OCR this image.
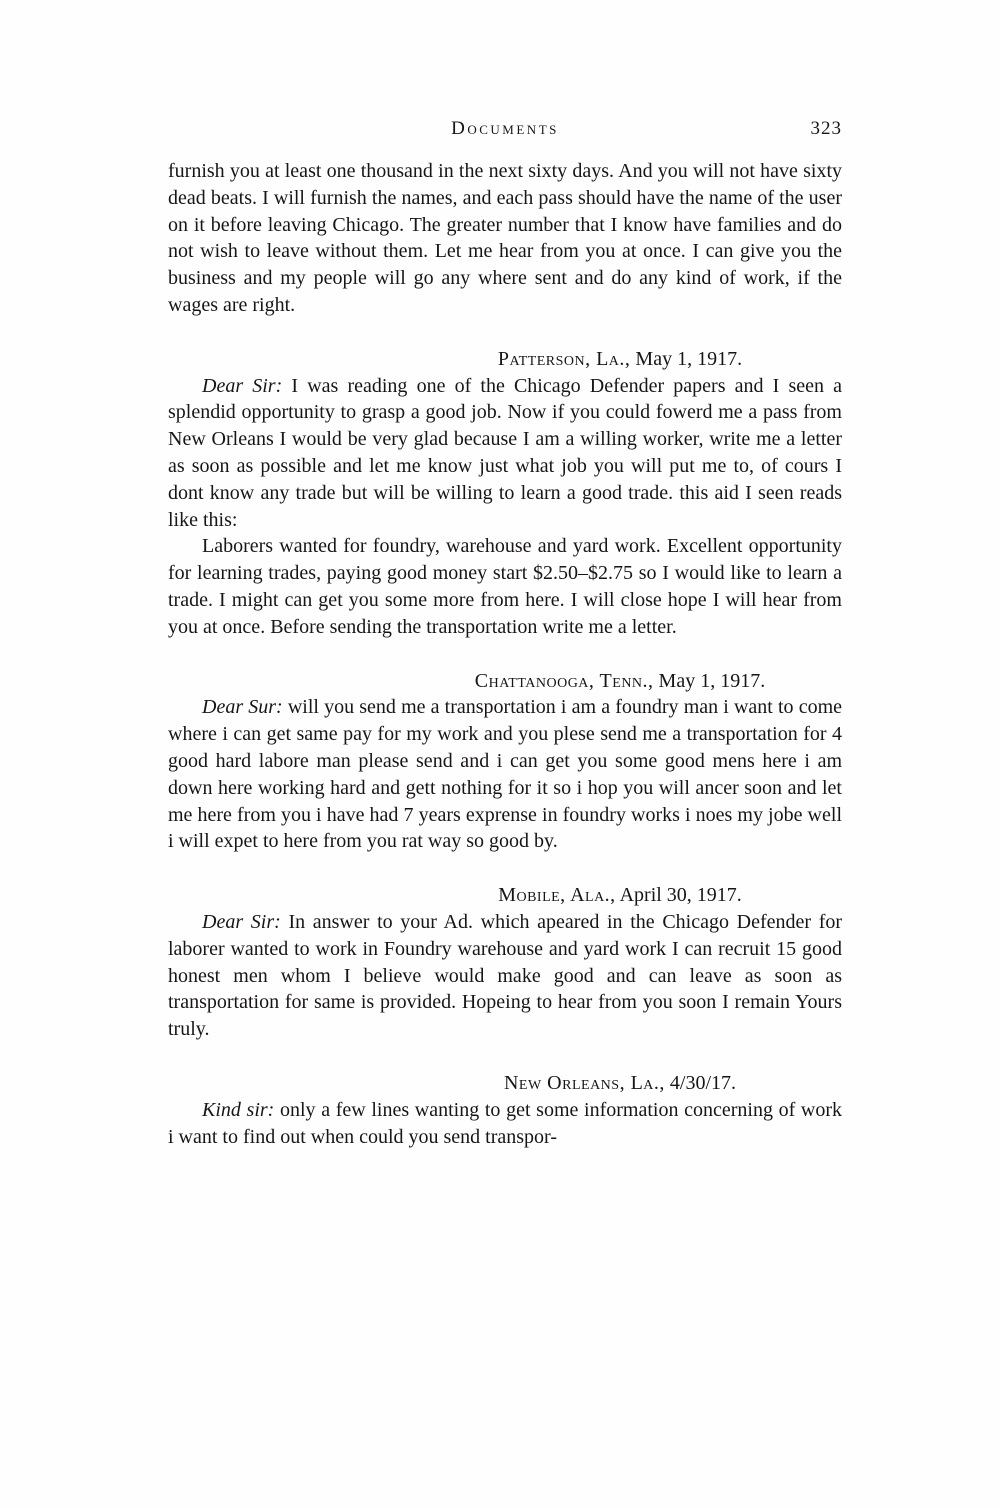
Documents	323

furnish you at least one thousand in the next sixty days. And you will not have sixty dead beats. I will furnish the names, and each pass should have the name of the user on it before leaving Chicago. The greater number that I know have families and do not wish to leave without them. Let me hear from you at once. I can give you the business and my people will go any where sent and do any kind of work, if the wages are right.

Patterson, La., May 1, 1917.

Dear Sir: I was reading one of the Chicago Defender papers and I seen a splendid opportunity to grasp a good job. Now if you could fowerd me a pass from New Orleans I would be very glad because I am a willing worker, write me a letter as soon as possible and let me know just what job you will put me to, of cours I dont know any trade but will be willing to learn a good trade. this aid I seen reads like this:

Laborers wanted for foundry, warehouse and yard work. Excellent opportunity for learning trades, paying good money start $2.50–$2.75 so I would like to learn a trade. I might can get you some more from here. I will close hope I will hear from you at once. Before sending the transportation write me a letter.

Chattanooga, Tenn., May 1, 1917.

Dear Sur: will you send me a transportation i am a foundry man i want to come where i can get same pay for my work and you plese send me a transportation for 4 good hard labore man please send and i can get you some good mens here i am down here working hard and gett nothing for it so i hop you will ancer soon and let me here from you i have had 7 years exprense in foundry works i noes my jobe well i will expet to here from you rat way so good by.

Mobile, Ala., April 30, 1917.

Dear Sir: In answer to your Ad. which apeared in the Chicago Defender for laborer wanted to work in Foundry warehouse and yard work I can recruit 15 good honest men whom I believe would make good and can leave as soon as transportation for same is provided. Hopeing to hear from you soon I remain Yours truly.

New Orleans, La., 4/30/17.

Kind sir: only a few lines wanting to get some information concerning of work i want to find out when could you send transpor-
